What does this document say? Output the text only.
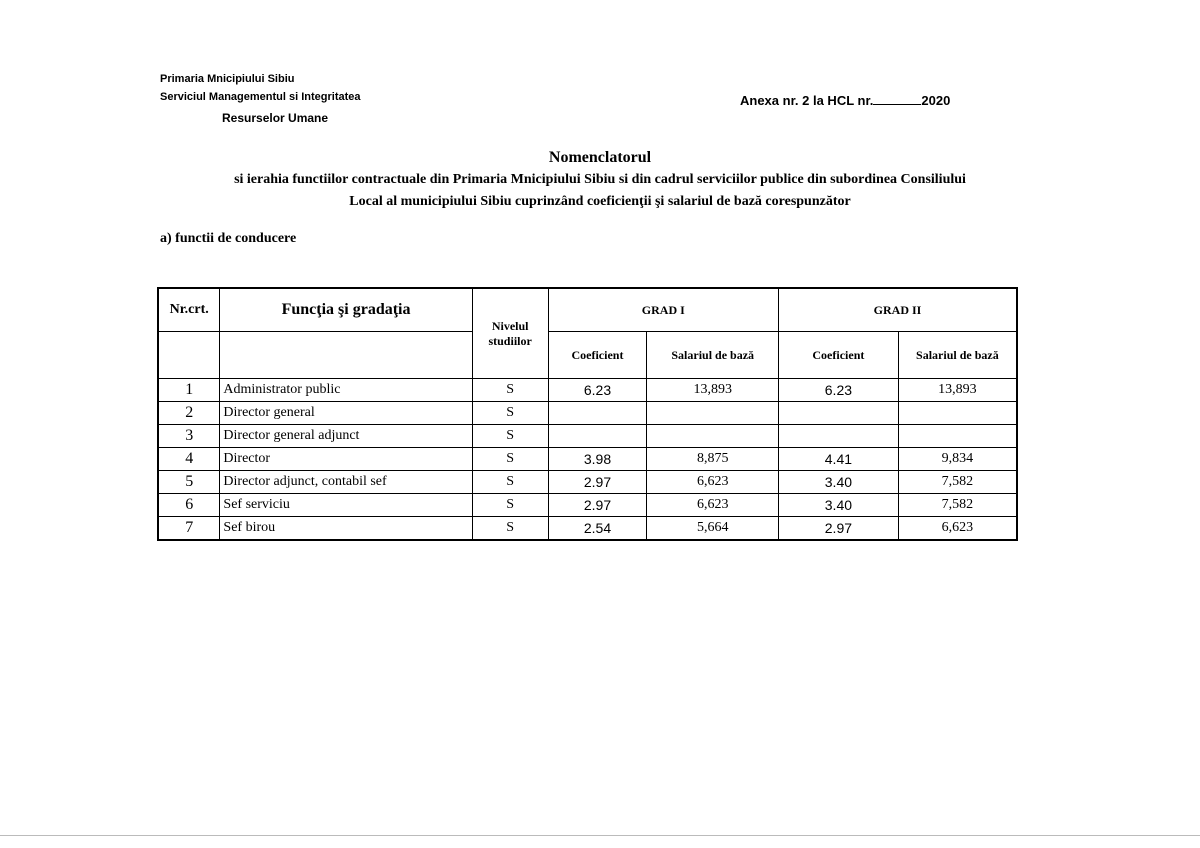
Primaria Mnicipiului Sibiu
Serviciul Managementul si Integritatea
Resurselor Umane
Anexa nr. 2 la HCL nr.	2020
Nomenclatorul
si ierahia functiilor contractuale din Primaria Mnicipiului Sibiu si din cadrul serviciilor publice din subordinea Consiliului
Local al municipiului Sibiu cuprinzând coeficienţii şi salariul de bază corespunzător
a) functii de conducere
Nr.crt.	Funcţia şi gradaţia	Nivelul studiilor	GRAD I		GRAD II	
			Coeficient	Salariul de bază	Coeficient	Salariul de bază
1	Administrator public	S	6.23	13,893	6.23	13,893
2	Director general	S				
3	Director general adjunct	S				
4	Director	S	3.98	8,875	4.41	9,834
5	Director adjunct, contabil sef	S	2.97	6,623	3.40	7,582
6	Sef serviciu	S	2.97	6,623	3.40	7,582
7	Sef birou	S	2.54	5,664	2.97	6,623
